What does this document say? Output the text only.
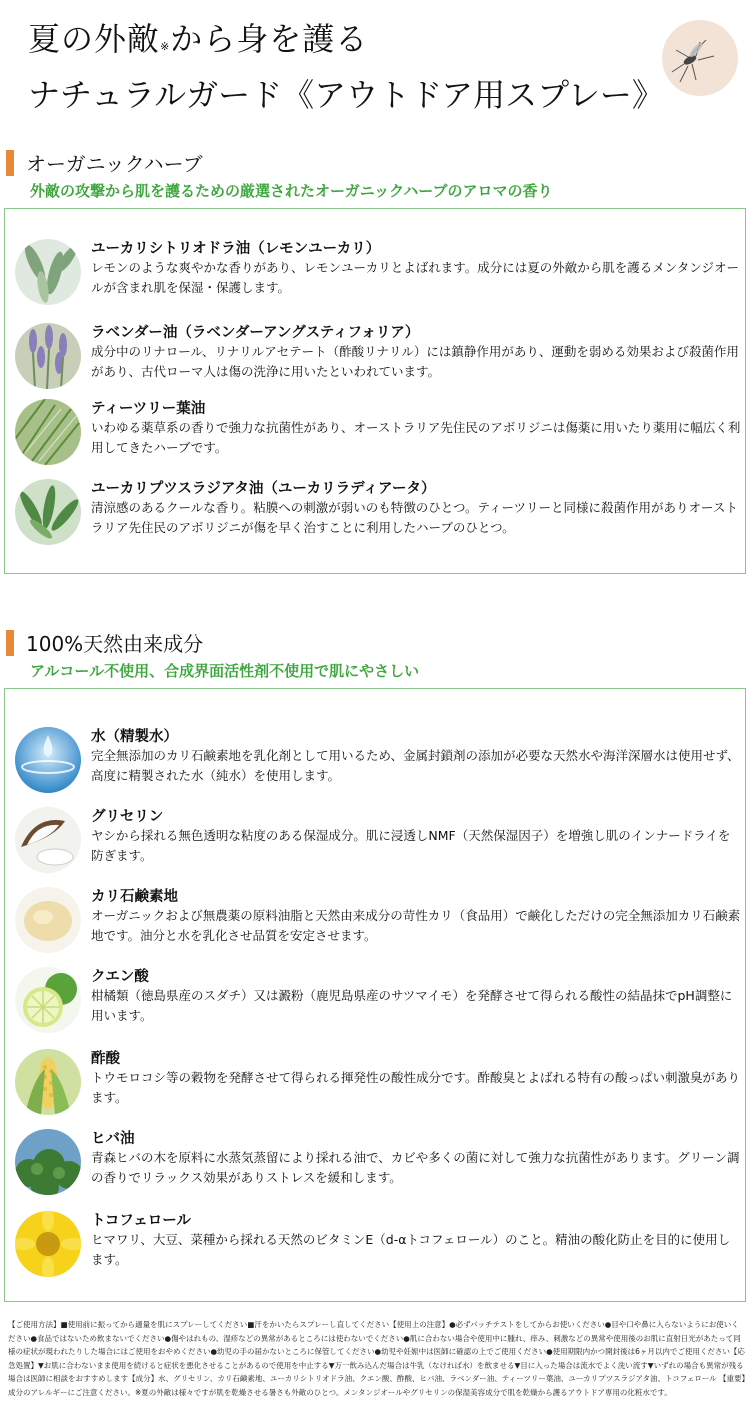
夏の外敵※から身を護る
ナチュラルガード《アウトドア用スプレー》
オーガニックハーブ
外敵の攻撃から肌を護るための厳選されたオーガニックハーブのアロマの香り
ユーカリシトリオドラ油（レモンユーカリ）
レモンのような爽やかな香りがあり、レモンユーカリとよばれます。成分には夏の外敵から肌を護るメンタンジオールが含まれ肌を保湿・保護します。
ラベンダー油（ラベンダーアングスティフォリア）
成分中のリナロール、リナリルアセテート（酢酸リナリル）には鎮静作用があり、運動を弱める効果および殺菌作用があり、古代ローマ人は傷の洗浄に用いたといわれています。
ティーツリー葉油
いわゆる薬草系の香りで強力な抗菌性があり、オーストラリア先住民のアボリジニは傷薬に用いたり薬用に幅広く利用してきたハーブです。
ユーカリプツスラジアタ油（ユーカリラディアータ）
清涼感のあるクールな香り。粘膜への刺激が弱いのも特徴のひとつ。ティーツリーと同様に殺菌作用がありオーストラリア先住民のアボリジニが傷を早く治すことに利用したハーブのひとつ。
100%天然由来成分
アルコール不使用、合成界面活性剤不使用で肌にやさしい
水（精製水）
完全無添加のカリ石鹸素地を乳化剤として用いるため、金属封鎖剤の添加が必要な天然水や海洋深層水は使用せず、高度に精製された水（純水）を使用します。
グリセリン
ヤシから採れる無色透明な粘度のある保湿成分。肌に浸透しNMF（天然保湿因子）を増強し肌のインナードライを防ぎます。
カリ石鹸素地
オーガニックおよび無農薬の原料油脂と天然由来成分の苛性カリ（食品用）で鹸化しただけの完全無添加カリ石鹸素地です。油分と水を乳化させ品質を安定させます。
クエン酸
柑橘類（徳島県産のスダチ）又は澱粉（鹿児島県産のサツマイモ）を発酵させて得られる酸性の結晶抹でpH調整に用います。
酢酸
トウモロコシ等の穀物を発酵させて得られる揮発性の酸性成分です。酢酸臭とよばれる特有の酸っぱい刺激臭があります。
ヒバ油
青森ヒバの木を原料に水蒸気蒸留により採れる油で、カビや多くの菌に対して強力な抗菌性があります。グリーン調の香りでリラックス効果がありストレスを緩和します。
トコフェロール
ヒマワリ、大豆、菜種から採れる天然のビタミンE（d-αトコフェロール）のこと。精油の酸化防止を目的に使用します。
【ご使用方法】■使用前に振ってから適量を肌にスプレーしてください■汗をかいたらスプレーし直してください【使用上の注意】●必ずパッチテストをしてからお使いください●目や口や鼻に入らないようにお使いください●食品ではないため飲まないでください●傷やはれもの、湿疹などの異常があるところには使わないでください●肌に合わない場合や使用中に腫れ、痒み、刺激などの異常や使用後のお肌に直射日光があたって同様の症状が現われたりした場合にはご使用をおやめください●幼児の手の届かないところに保管してください●幼児や妊娠中は医師に確認の上でご使用ください●使用期限内かつ開封後は6ヶ月以内でご使用ください【応急処置】▼お肌に合わないまま使用を続けると症状を悪化させることがあるので使用を中止する▼万一飲み込んだ場合は牛乳（なければ水）を飲ませる▼目に入った場合は流水でよく洗い流す▼いずれの場合も異常が残る場合は医師に相談をおすすめします【成分】水、グリセリン、カリ石鹸素地、ユーカリシトリオドラ油、クエン酸、酢酸、ヒバ油、ラベンダー油、ティーツリー葉油、ユーカリプツスラジアタ油、トコフェロール 【重要】成分のアレルギーにご注意ください。※夏の外敵は様々ですが肌を乾燥させる暑さも外敵のひとつ。メンタンジオールやグリセリンの保湿美容成分で肌を乾燥から護るアウトドア専用の化粧水です。
